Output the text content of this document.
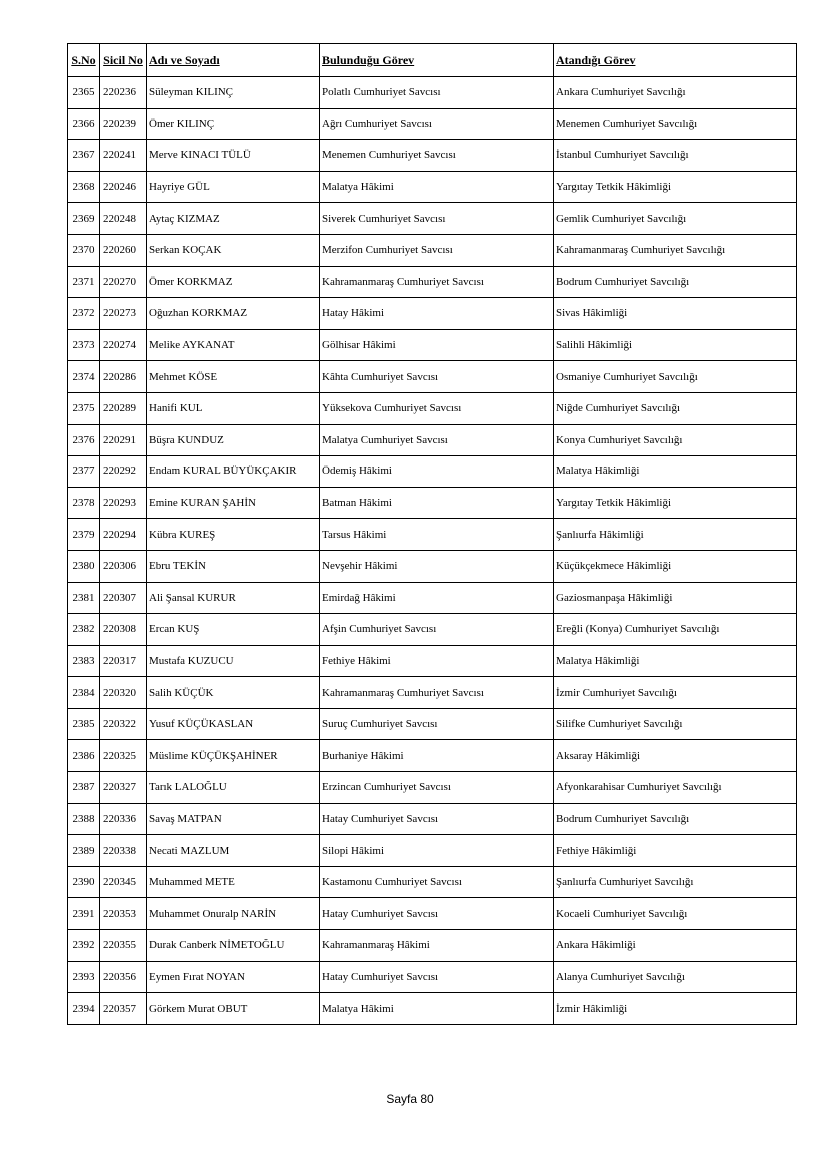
S.No	Sicil No	Adı ve Soyadı	Bulunduğu Görev	Atandığı Görev
2365	220236	Süleyman KILINÇ	Polatlı Cumhuriyet Savcısı	Ankara Cumhuriyet Savcılığı
2366	220239	Ömer KILINÇ	Ağrı Cumhuriyet Savcısı	Menemen Cumhuriyet Savcılığı
2367	220241	Merve KINACI TÜLÜ	Menemen Cumhuriyet Savcısı	İstanbul Cumhuriyet Savcılığı
2368	220246	Hayriye GÜL	Malatya Hâkimi	Yargıtay Tetkik Hâkimliği
2369	220248	Aytaç KIZMAZ	Siverek Cumhuriyet Savcısı	Gemlik Cumhuriyet Savcılığı
2370	220260	Serkan KOÇAK	Merzifon Cumhuriyet Savcısı	Kahramanmaraş Cumhuriyet Savcılığı
2371	220270	Ömer KORKMAZ	Kahramanmaraş Cumhuriyet Savcısı	Bodrum Cumhuriyet Savcılığı
2372	220273	Oğuzhan KORKMAZ	Hatay Hâkimi	Sivas Hâkimliği
2373	220274	Melike AYKANAT	Gölhisar Hâkimi	Salihli Hâkimliği
2374	220286	Mehmet KÖSE	Kâhta Cumhuriyet Savcısı	Osmaniye Cumhuriyet Savcılığı
2375	220289	Hanifi KUL	Yüksekova Cumhuriyet Savcısı	Niğde Cumhuriyet Savcılığı
2376	220291	Büşra KUNDUZ	Malatya Cumhuriyet Savcısı	Konya Cumhuriyet Savcılığı
2377	220292	Endam KURAL BÜYÜKÇAKIR	Ödemiş Hâkimi	Malatya Hâkimliği
2378	220293	Emine KURAN ŞAHİN	Batman Hâkimi	Yargıtay Tetkik Hâkimliği
2379	220294	Kübra KUREŞ	Tarsus Hâkimi	Şanlıurfa Hâkimliği
2380	220306	Ebru TEKİN	Nevşehir Hâkimi	Küçükçekmece Hâkimliği
2381	220307	Ali Şansal KURUR	Emirdağ Hâkimi	Gaziosmanpaşa Hâkimliği
2382	220308	Ercan KUŞ	Afşin Cumhuriyet Savcısı	Ereğli (Konya) Cumhuriyet Savcılığı
2383	220317	Mustafa KUZUCU	Fethiye Hâkimi	Malatya Hâkimliği
2384	220320	Salih KÜÇÜK	Kahramanmaraş Cumhuriyet Savcısı	İzmir Cumhuriyet Savcılığı
2385	220322	Yusuf KÜÇÜKASLAN	Suruç Cumhuriyet Savcısı	Silifke Cumhuriyet Savcılığı
2386	220325	Müslime KÜÇÜKŞAHİNER	Burhaniye Hâkimi	Aksaray Hâkimliği
2387	220327	Tarık LALOĞLU	Erzincan Cumhuriyet Savcısı	Afyonkarahisar Cumhuriyet Savcılığı
2388	220336	Savaş MATPAN	Hatay Cumhuriyet Savcısı	Bodrum Cumhuriyet Savcılığı
2389	220338	Necati MAZLUM	Silopi Hâkimi	Fethiye Hâkimliği
2390	220345	Muhammed METE	Kastamonu Cumhuriyet Savcısı	Şanlıurfa Cumhuriyet Savcılığı
2391	220353	Muhammet Onuralp NARİN	Hatay Cumhuriyet Savcısı	Kocaeli Cumhuriyet Savcılığı
2392	220355	Durak Canberk NİMETOĞLU	Kahramanmaraş Hâkimi	Ankara Hâkimliği
2393	220356	Eymen Fırat NOYAN	Hatay Cumhuriyet Savcısı	Alanya Cumhuriyet Savcılığı
2394	220357	Görkem Murat OBUT	Malatya Hâkimi	İzmir Hâkimliği
Sayfa 80
